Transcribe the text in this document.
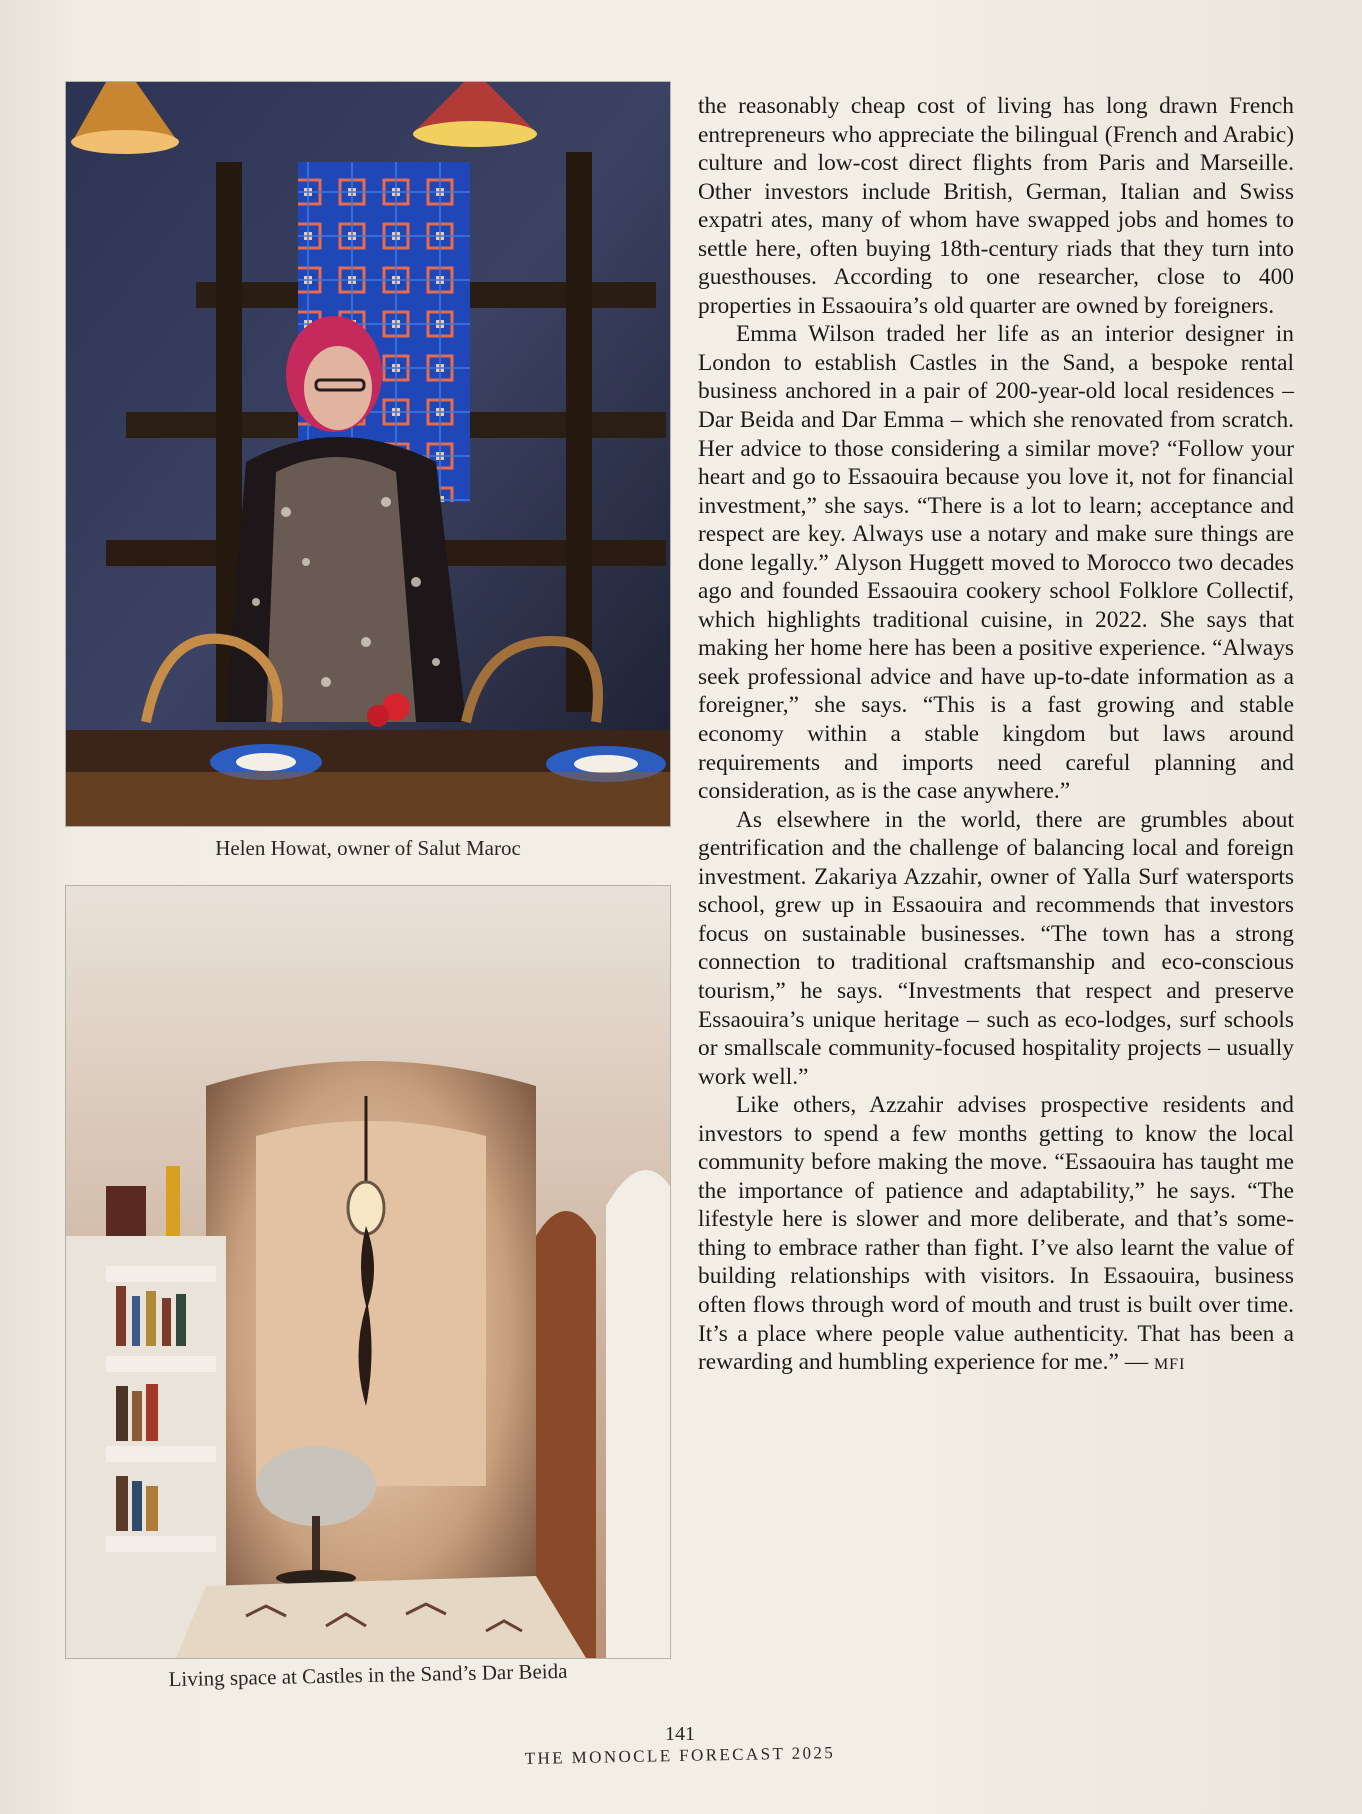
Helen Howat, owner of Salut Maroc
Living space at Castles in the Sand’s Dar Beida

the reasonably cheap cost of living has long drawn French entrepreneurs who appreciate the bilingual (French and Arabic) culture and low-cost direct flights from Paris and Marseille. Other investors include British, German, Italian and Swiss expatri ates, many of whom have swapped jobs and homes to settle here, often buying 18th-century riads that they turn into guesthouses. According to one researcher, close to 400 properties in Essaouira’s old quarter are owned by foreigners.

Emma Wilson traded her life as an interior designer in London to establish Castles in the Sand, a bespoke rental business anchored in a pair of 200-year-old local residences – Dar Beida and Dar Emma – which she renovated from scratch. Her advice to those considering a similar move? “Follow your heart and go to Essaouira because you love it, not for financial investment,” she says. “There is a lot to learn; acceptance and respect are key. Always use a notary and make sure things are done legally.” Alyson Huggett moved to Morocco two decades ago and founded Essaouira cookery school Folklore Collectif, which highlights traditional cuisine, in 2022. She says that making her home here has been a positive experience. “Always seek professional advice and have up-to-date information as a foreigner,” she says. “This is a fast growing and stable economy within a stable kingdom but laws around requirements and imports need careful planning and consideration, as is the case anywhere.”

As elsewhere in the world, there are grumbles about gentrification and the challenge of balancing local and foreign investment. Zakariya Azzahir, owner of Yalla Surf watersports school, grew up in Essaouira and recommends that investors focus on sustainable businesses. “The town has a strong connection to traditional craftsmanship and eco-conscious tourism,” he says. “Investments that respect and preserve Essaouira’s unique heritage – such as eco-lodges, surf schools or smallscale community-focused hospitality projects – usually work well.”

Like others, Azzahir advises prospective residents and investors to spend a few months getting to know the local community before making the move. “Essaouira has taught me the importance of patience and adaptability,” he says. “The lifestyle here is slower and more deliberate, and that’s something to embrace rather than fight. I’ve also learnt the value of building relationships with visitors. In Essaouira, business often flows through word of mouth and trust is built over time. It’s a place where people value authenticity. That has been a rewarding and humbling experience for me.” — MFI

141
THE MONOCLE FORECAST 2025
